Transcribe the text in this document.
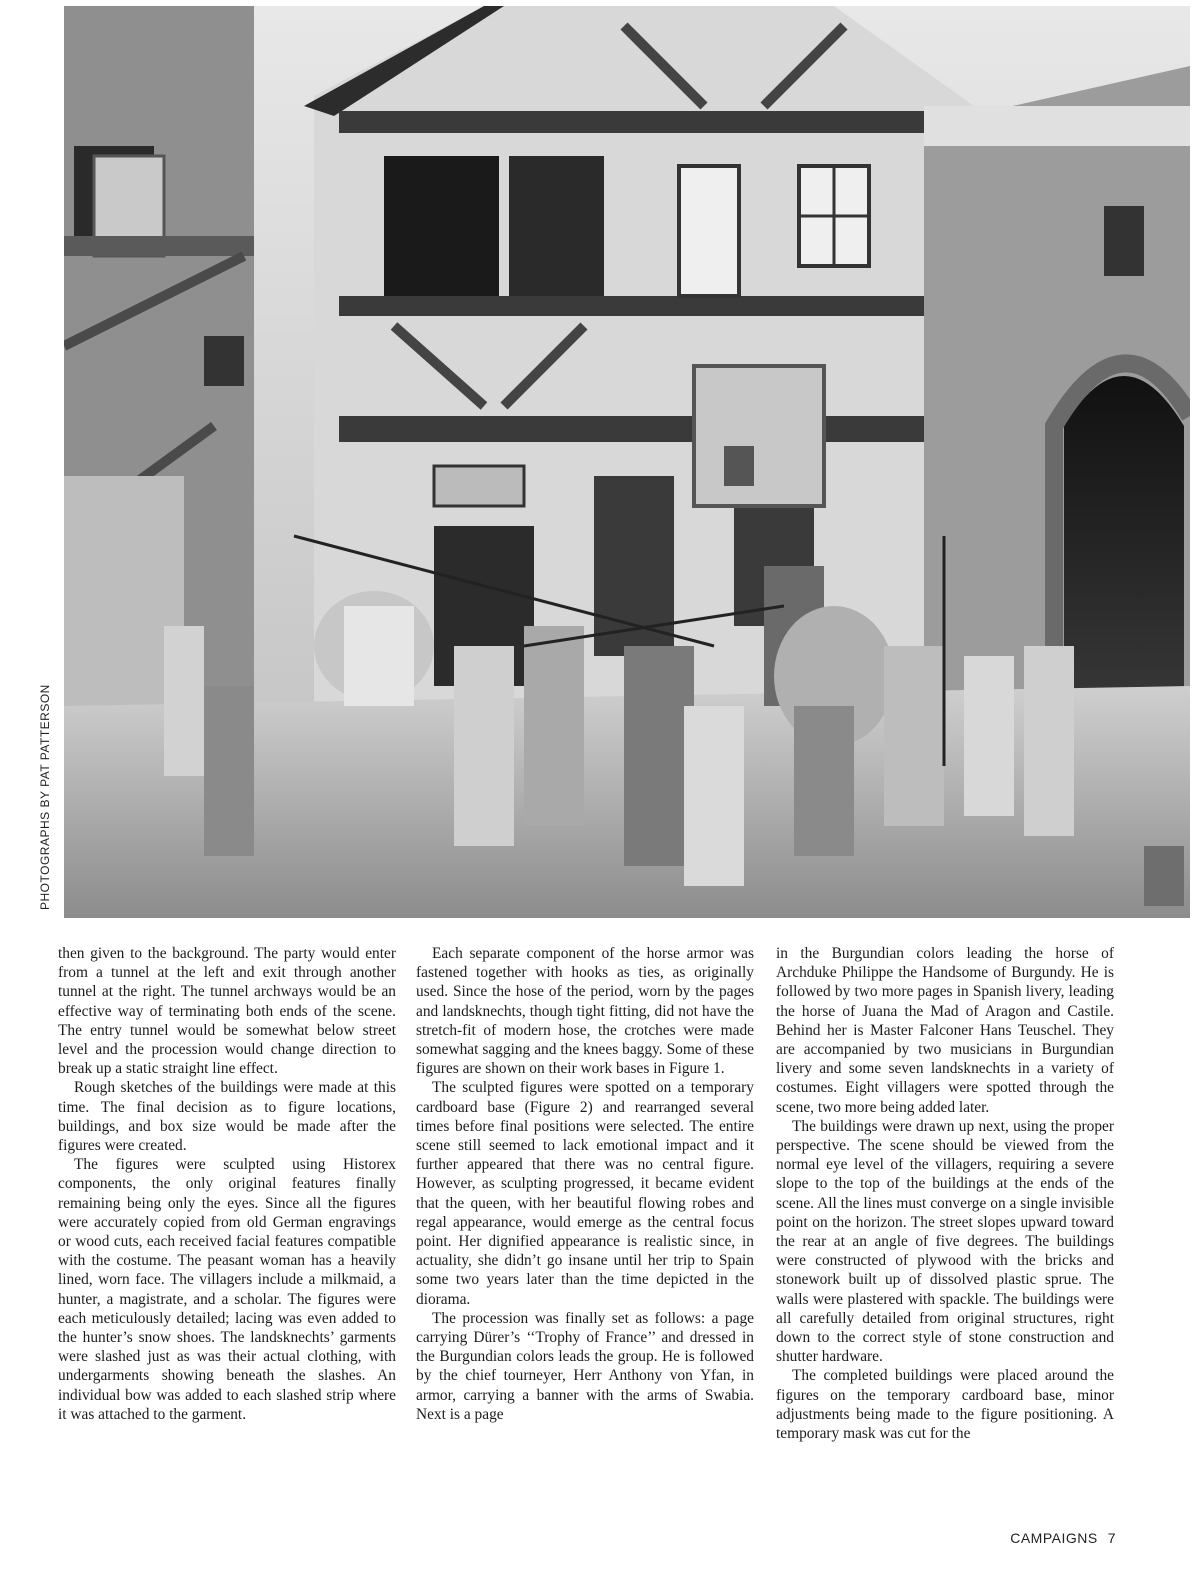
PHOTOGRAPHS BY PAT PATTERSON

then given to the background. The party would enter from a tunnel at the left and exit through another tunnel at the right. The tunnel archways would be an effective way of terminating both ends of the scene. The entry tunnel would be somewhat below street level and the procession would change direction to break up a static straight line effect.

Rough sketches of the buildings were made at this time. The final decision as to figure locations, buildings, and box size would be made after the figures were created.

The figures were sculpted using Historex components, the only original features finally remaining being only the eyes. Since all the figures were accurately copied from old German engravings or wood cuts, each received facial features compatible with the costume. The peasant woman has a heavily lined, worn face. The villagers include a milkmaid, a hunter, a magistrate, and a scholar. The figures were each meticulously detailed; lacing was even added to the hunter’s snow shoes. The landsknechts’ garments were slashed just as was their actual clothing, with undergarments showing beneath the slashes. An individual bow was added to each slashed strip where it was attached to the garment.

Each separate component of the horse armor was fastened together with hooks as ties, as originally used. Since the hose of the period, worn by the pages and landsknechts, though tight fitting, did not have the stretch-fit of modern hose, the crotches were made somewhat sagging and the knees baggy. Some of these figures are shown on their work bases in Figure 1.

The sculpted figures were spotted on a temporary cardboard base (Figure 2) and rearranged several times before final positions were selected. The entire scene still seemed to lack emotional impact and it further appeared that there was no central figure. However, as sculpting progressed, it became evident that the queen, with her beautiful flowing robes and regal appearance, would emerge as the central focus point. Her dignified appearance is realistic since, in actuality, she didn’t go insane until her trip to Spain some two years later than the time depicted in the diorama.

The procession was finally set as follows: a page carrying Dürer’s ‘‘Trophy of France’’ and dressed in the Burgundian colors leads the group. He is followed by the chief tourneyer, Herr Anthony von Yfan, in armor, carrying a banner with the arms of Swabia. Next is a page

in the Burgundian colors leading the horse of Archduke Philippe the Handsome of Burgundy. He is followed by two more pages in Spanish livery, leading the horse of Juana the Mad of Aragon and Castile. Behind her is Master Falconer Hans Teuschel. They are accompanied by two musicians in Burgundian livery and some seven landsknechts in a variety of costumes. Eight villagers were spotted through the scene, two more being added later.

The buildings were drawn up next, using the proper perspective. The scene should be viewed from the normal eye level of the villagers, requiring a severe slope to the top of the buildings at the ends of the scene. All the lines must converge on a single invisible point on the horizon. The street slopes upward toward the rear at an angle of five degrees. The buildings were constructed of plywood with the bricks and stonework built up of dissolved plastic sprue. The walls were plastered with spackle. The buildings were all carefully detailed from original structures, right down to the correct style of stone construction and shutter hardware.

The completed buildings were placed around the figures on the temporary cardboard base, minor adjustments being made to the figure positioning. A temporary mask was cut for the

CAMPAIGNS 7
